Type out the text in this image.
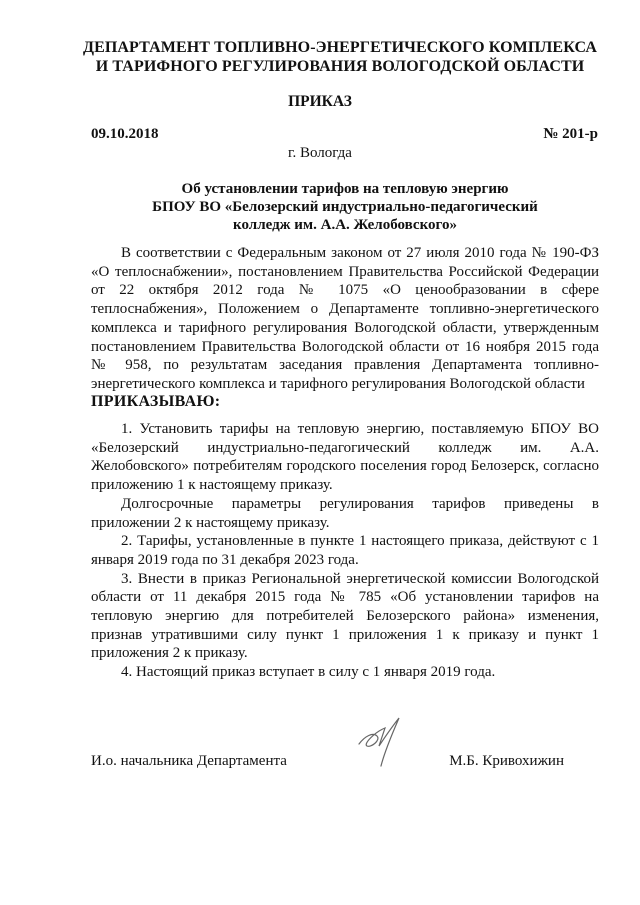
ДЕПАРТАМЕНТ ТОПЛИВНО-ЭНЕРГЕТИЧЕСКОГО КОМПЛЕКСА
И ТАРИФНОГО РЕГУЛИРОВАНИЯ ВОЛОГОДСКОЙ ОБЛАСТИ
ПРИКАЗ
09.10.2018	№ 201-р
г. Вологда
Об установлении тарифов на тепловую энергию
БПОУ ВО «Белозерский индустриально-педагогический
колледж им. А.А. Желобовского»
В соответствии с Федеральным законом от 27 июля 2010 года № 190-ФЗ «О теплоснабжении», постановлением Правительства Российской Федерации от 22 октября 2012 года № 1075 «О ценообразовании в сфере теплоснабжения», Положением о Департаменте топливно-энергетического комплекса и тарифного регулирования Вологодской области, утвержденным постановлением Правительства Вологодской области от 16 ноября 2015 года № 958, по результатам заседания правления Департамента топливно-энергетического комплекса и тарифного регулирования Вологодской области
ПРИКАЗЫВАЮ:

1. Установить тарифы на тепловую энергию, поставляемую БПОУ ВО «Белозерский индустриально-педагогический колледж им. А.А. Желобовского» потребителям городского поселения город Белозерск, согласно приложению 1 к настоящему приказу.

Долгосрочные параметры регулирования тарифов приведены в приложении 2 к настоящему приказу.

2. Тарифы, установленные в пункте 1 настоящего приказа, действуют с 1 января 2019 года по 31 декабря 2023 года.

3. Внести в приказ Региональной энергетической комиссии Вологодской области от 11 декабря 2015 года № 785 «Об установлении тарифов на тепловую энергию для потребителей Белозерского района» изменения, признав утратившими силу пункт 1 приложения 1 к приказу и пункт 1 приложения 2 к приказу.

4. Настоящий приказ вступает в силу с 1 января 2019 года.

И.о. начальника Департамента	М.Б. Кривохижин
